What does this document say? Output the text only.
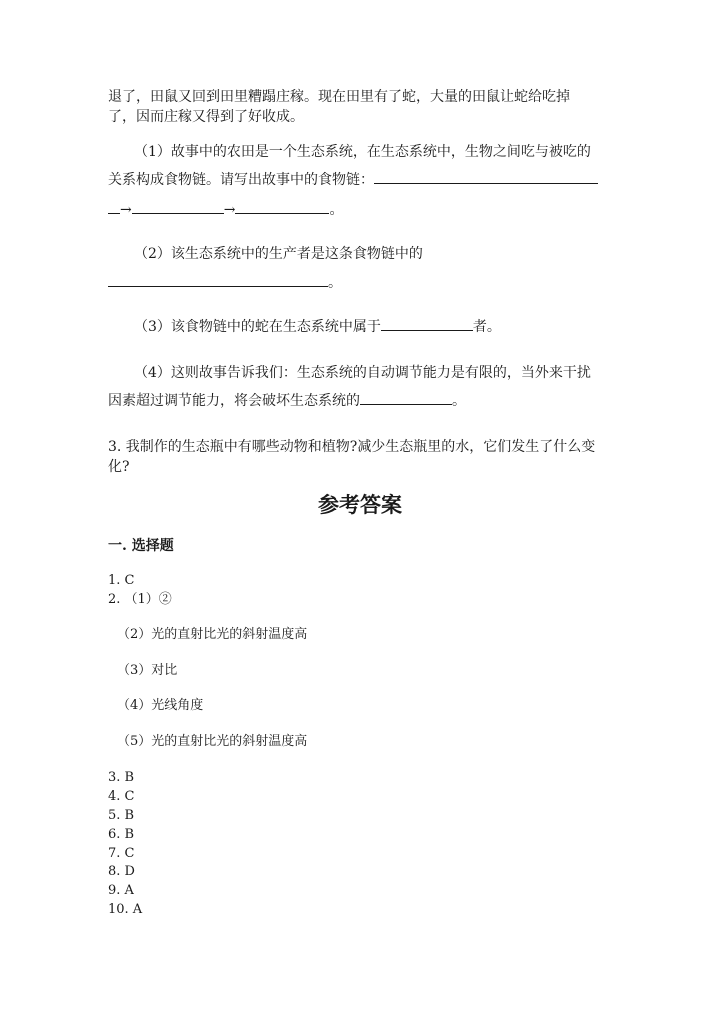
退了，田鼠又回到田里糟蹋庄稼。现在田里有了蛇，大量的田鼠让蛇给吃掉
了，因而庄稼又得到了好收成。
（1）故事中的农田是一个生态系统，在生态系统中，生物之间吃与被吃的
关系构成食物链。请写出故事中的食物链：
→	→	。
（2）该生态系统中的生产者是这条食物链中的
。
（3）该食物链中的蛇在生态系统中属于	者。
（4）这则故事告诉我们：生态系统的自动调节能力是有限的，当外来干扰
因素超过调节能力，将会破坏生态系统的	。
3. 我制作的生态瓶中有哪些动物和植物?减少生态瓶里的水，它们发生了什么变
化?
参考答案
一. 选择题
1. C
2. （1）②
（2）光的直射比光的斜射温度高
（3）对比
（4）光线角度
（5）光的直射比光的斜射温度高
3. B
4. C
5. B
6. B
7. C
8. D
9. A
10. A
